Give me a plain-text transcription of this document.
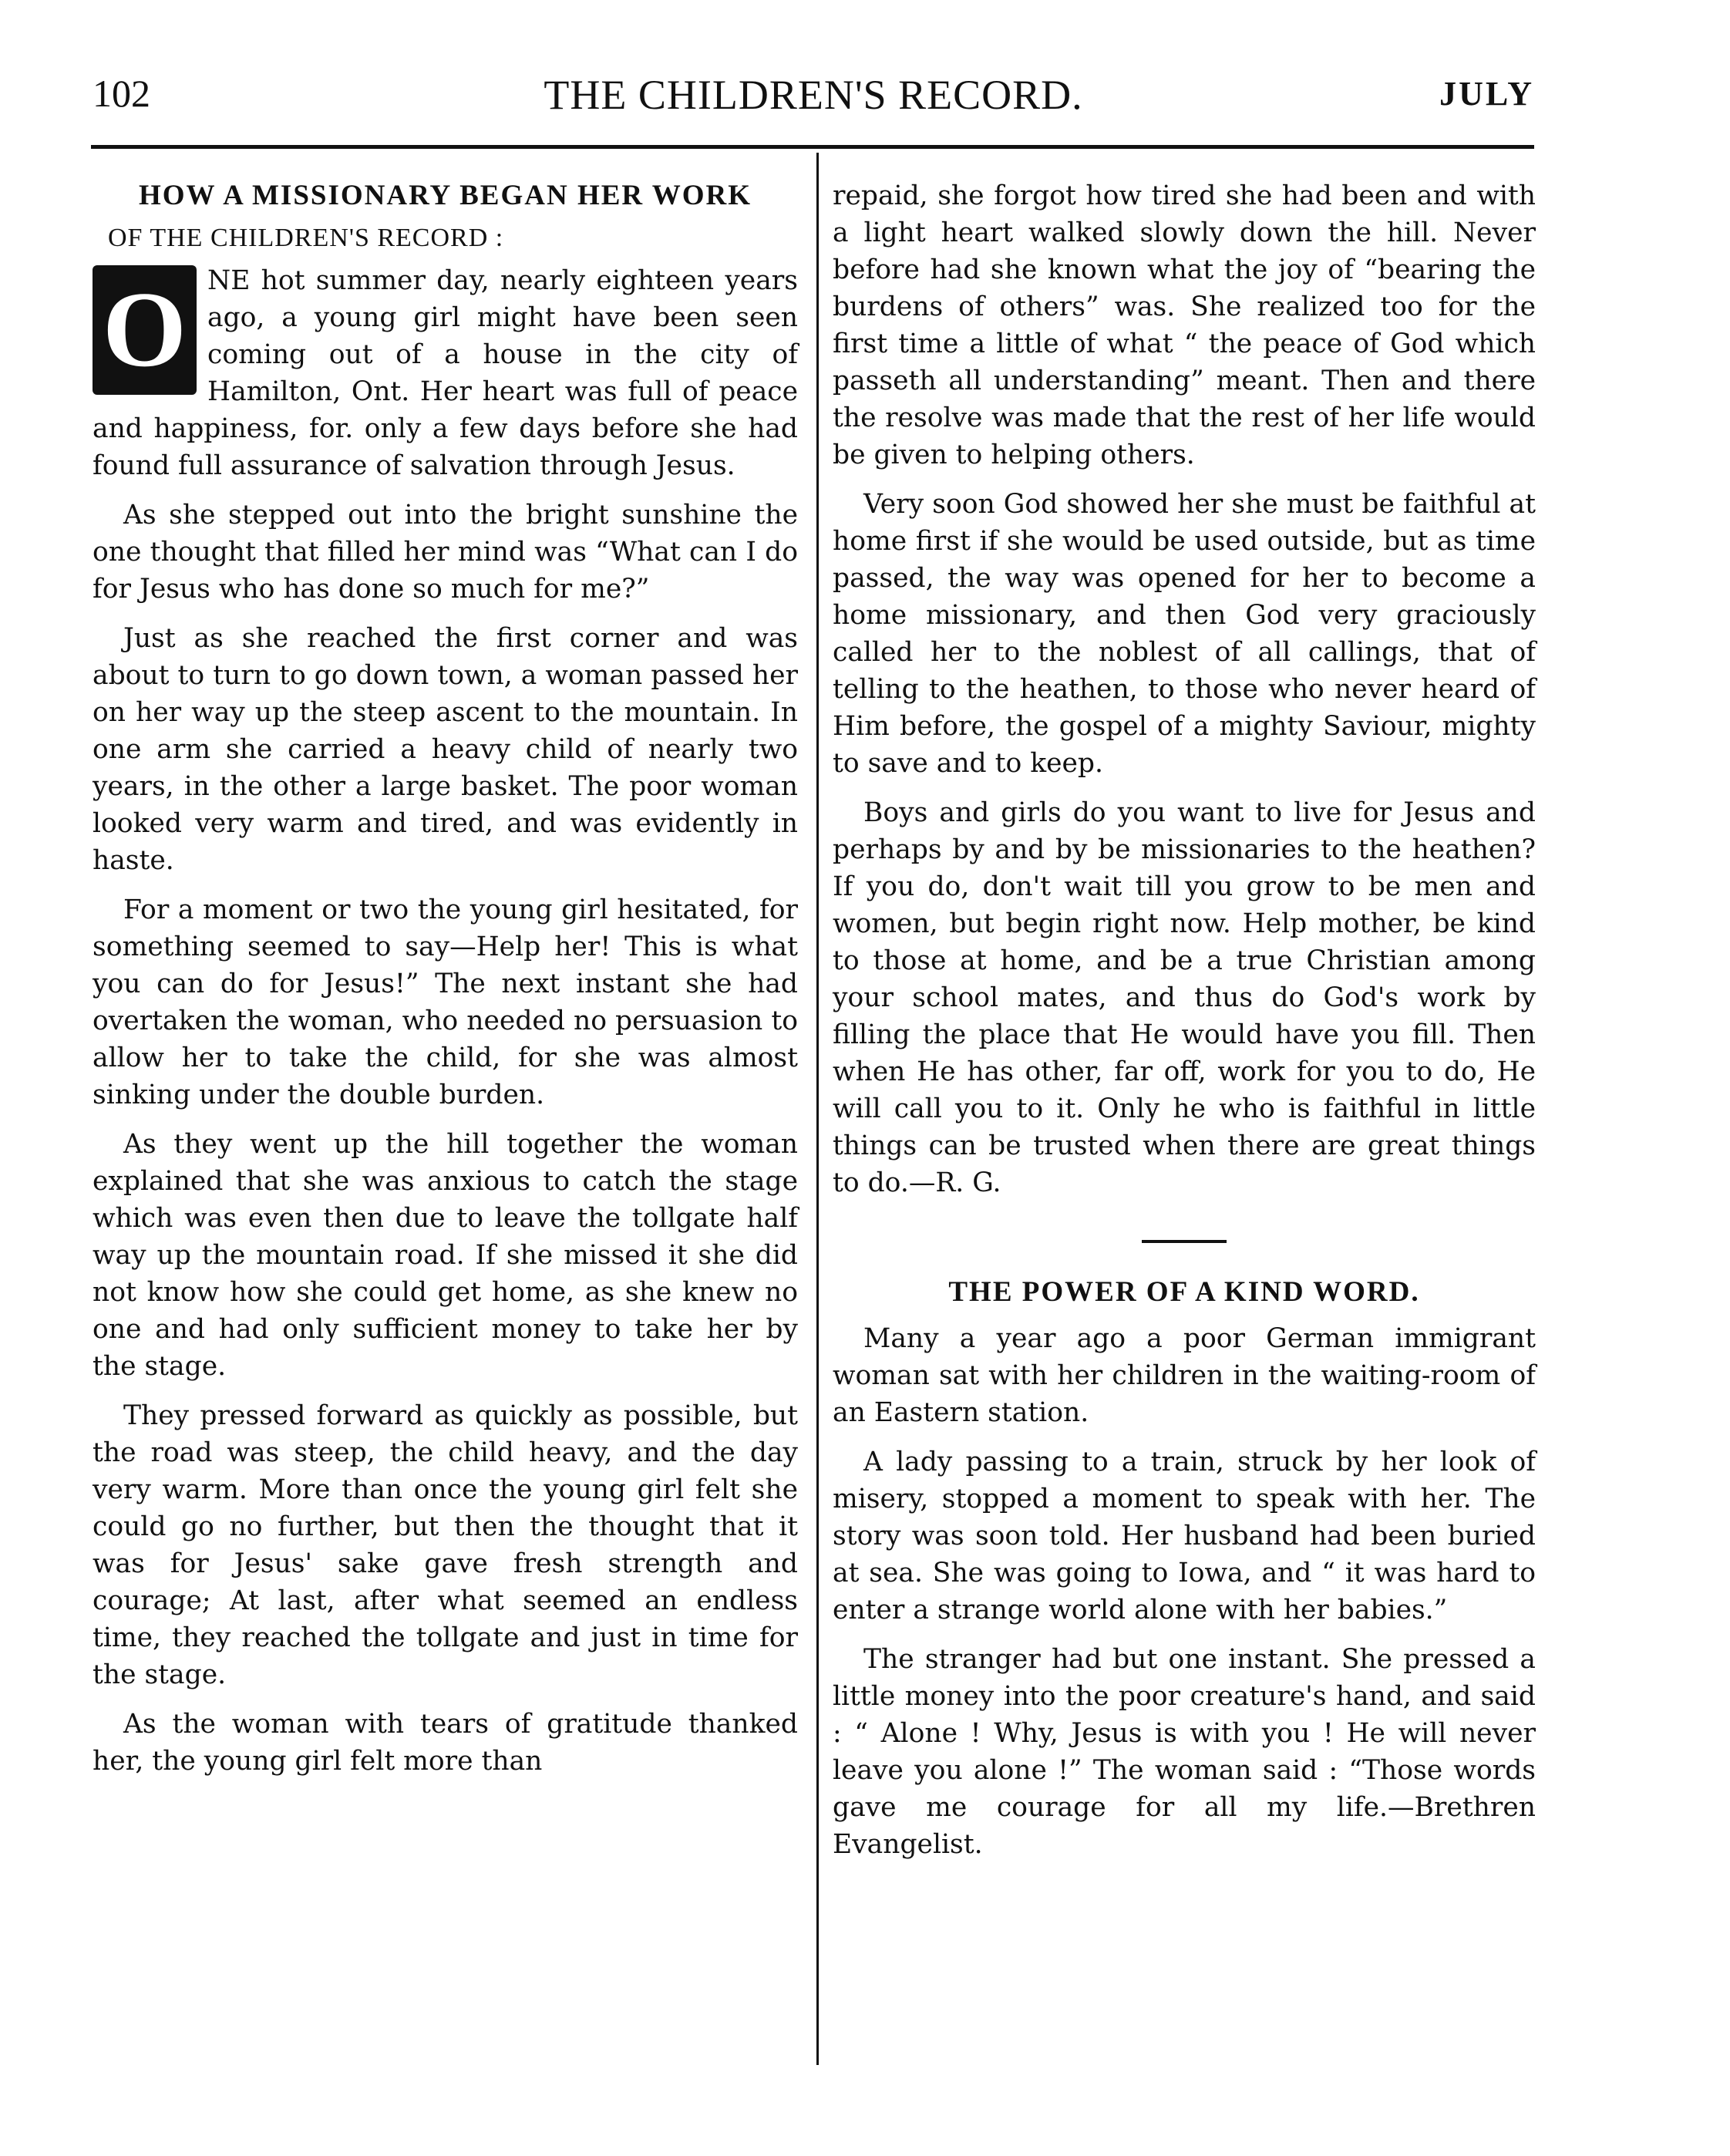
102	THE CHILDREN'S RECORD.	JULY
HOW A MISSIONARY BEGAN HER WORK
OF THE CHILDREN'S RECORD :

O NE hot summer day, nearly eighteen years ago, a young girl might have been seen coming out of a house in the city of Hamilton, Ont. Her heart was full of peace and happiness, for. only a few days before she had found full assurance of salvation through Jesus.

As she stepped out into the bright sunshine the one thought that filled her mind was “What can I do for Jesus who has done so much for me?”

Just as she reached the first corner and was about to turn to go down town, a woman passed her on her way up the steep ascent to the mountain. In one arm she carried a heavy child of nearly two years, in the other a large basket. The poor woman looked very warm and tired, and was evidently in haste.

For a moment or two the young girl hesitated, for something seemed to say—Help her! This is what you can do for Jesus!” The next instant she had overtaken the woman, who needed no persuasion to allow her to take the child, for she was almost sinking under the double burden.

As they went up the hill together the woman explained that she was anxious to catch the stage which was even then due to leave the tollgate half way up the mountain road. If she missed it she did not know how she could get home, as she knew no one and had only sufficient money to take her by the stage.

They pressed forward as quickly as possible, but the road was steep, the child heavy, and the day very warm. More than once the young girl felt she could go no further, but then the thought that it was for Jesus' sake gave fresh strength and courage; At last, after what seemed an endless time, they reached the tollgate and just in time for the stage.

As the woman with tears of gratitude thanked her, the young girl felt more than

repaid, she forgot how tired she had been and with a light heart walked slowly down the hill. Never before had she known what the joy of “bearing the burdens of others” was. She realized too for the first time a little of what “ the peace of God which passeth all understanding” meant. Then and there the resolve was made that the rest of her life would be given to helping others.

Very soon God showed her she must be faithful at home first if she would be used outside, but as time passed, the way was opened for her to become a home missionary, and then God very graciously called her to the noblest of all callings, that of telling to the heathen, to those who never heard of Him before, the gospel of a mighty Saviour, mighty to save and to keep.

Boys and girls do you want to live for Jesus and perhaps by and by be missionaries to the heathen? If you do, don't wait till you grow to be men and women, but begin right now. Help mother, be kind to those at home, and be a true Christian among your school mates, and thus do God's work by filling the place that He would have you fill. Then when He has other, far off, work for you to do, He will call you to it. Only he who is faithful in little things can be trusted when there are great things to do.—R. G.

THE POWER OF A KIND WORD.

Many a year ago a poor German immigrant woman sat with her children in the waiting-room of an Eastern station.

A lady passing to a train, struck by her look of misery, stopped a moment to speak with her. The story was soon told. Her husband had been buried at sea. She was going to Iowa, and “ it was hard to enter a strange world alone with her babies.”

The stranger had but one instant. She pressed a little money into the poor creature's hand, and said : “ Alone ! Why, Jesus is with you ! He will never leave you alone !” The woman said : “Those words gave me courage for all my life.—Brethren Evangelist.
